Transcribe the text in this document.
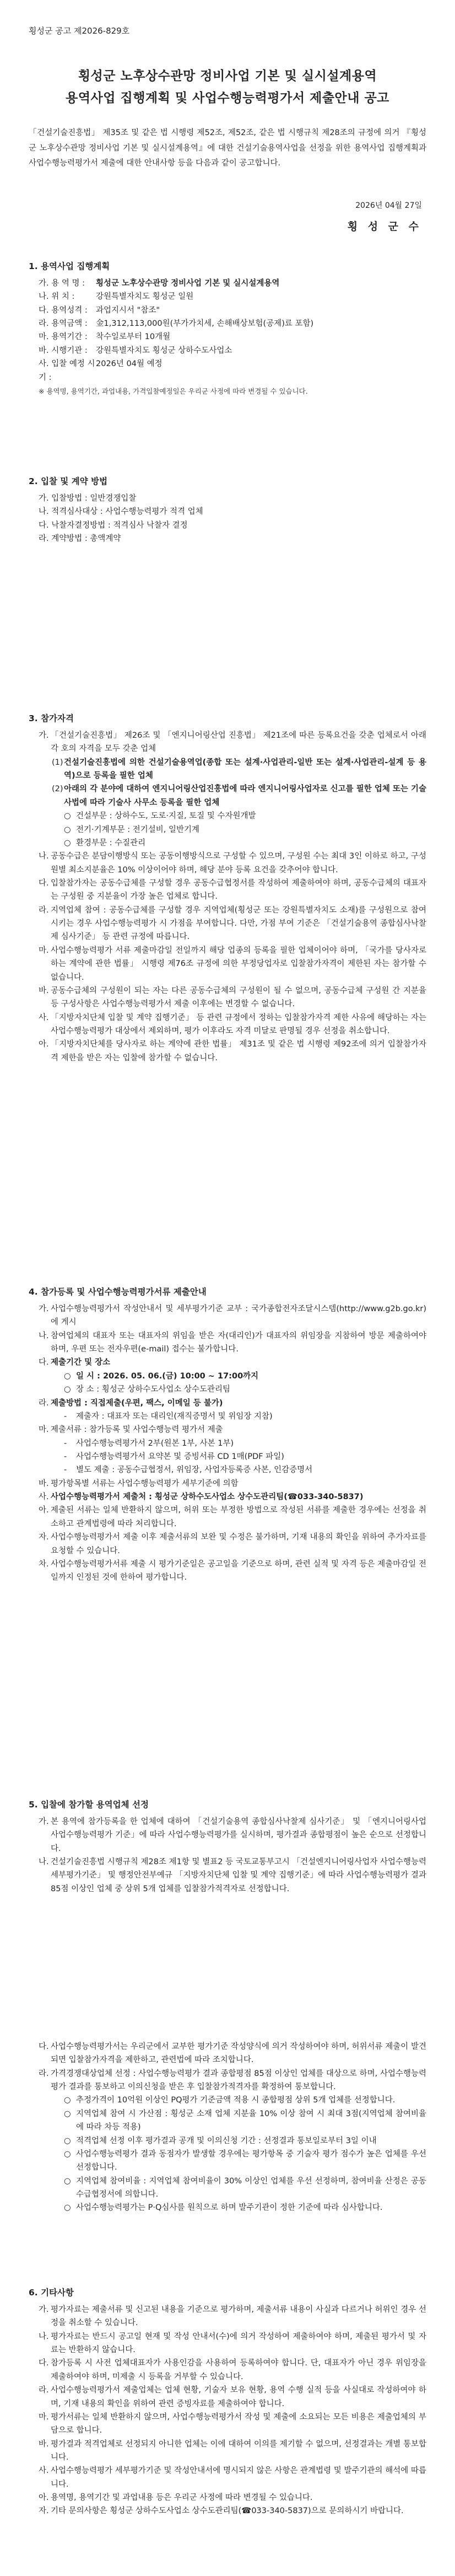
횡성군 공고 제2026-829호
횡성군 노후상수관망 정비사업 기본 및 실시설계용역
용역사업 집행계획 및 사업수행능력평가서 제출안내 공고
「건설기술진흥법」 제35조 및 같은 법 시행령 제52조, 제52조, 같은 법 시행규칙 제28조의 규정에 의거 『횡성군 노후상수관망 정비사업 기본 및 실시설계용역』에 대한 건설기술용역사업을 선정을 위한 용역사업 집행계획과 사업수행능력평가서 제출에 대한 안내사항 등을 다음과 같이 공고합니다.
2026년 04월 27일
횡 성 군 수
1. 용역사업 집행계획
가. 용 역 명 :	횡성군 노후상수관망 정비사업 기본 및 실시설계용역
나. 위 치 :	강원특별자치도 횡성군 일원
다. 용역성격 :	과업지시서 "참조"
라. 용역금액 :	金1,312,113,000원(부가가치세, 손해배상보험(공제)료 포함)
마. 용역기간 :	착수일로부터 10개월
바. 시행기관 :	강원특별자치도 횡성군 상하수도사업소
사. 입찰 예정 시기 :
2026년 04월 예정
※ 용역명, 용역기간, 과업내용, 가격입찰예정일은 우리군 사정에 따라 변경될 수 있습니다.
2. 입찰 및 계약 방법
가. 입찰방법 : 일반경쟁입찰
나. 적격심사대상 : 사업수행능력평가 적격 업체
다. 낙찰자결정방법 : 적격심사 낙찰자 결정
라. 계약방법 : 총액계약
3. 참가자격
가. 「건설기술진흥법」 제26조 및 「엔지니어링산업 진흥법」 제21조에 따른 등록요건을 갖춘 업체로서 아래 각 호의 자격을 모두 갖춘 업체
(1) 건설기술진흥법에 의한 건설기술용역업(종합 또는 설계·사업관리-일반 또는 설계·사업관리-설계 등 용역)으로 등록을 필한 업체
(2) 아래의 각 분야에 대하여 엔지니어링산업진흥법에 따라 엔지니어링사업자로 신고를 필한 업체 또는 기술사법에 따라 기술사 사무소 등록을 필한 업체
○ 건설부문 : 상하수도, 도로·지질, 토질 및 수자원개발
○ 전기·기계부문 : 전기설비, 일반기계
○ 환경부문 : 수질관리
나. 공동수급은 분담이행방식 또는 공동이행방식으로 구성할 수 있으며, 구성원 수는 최대 3인 이하로 하고, 구성원별 최소지분율은 10% 이상이어야 하며, 해당 분야 등록 요건을 갖추어야 합니다.
다. 입찰참가자는 공동수급체를 구성할 경우 공동수급협정서를 작성하여 제출하여야 하며, 공동수급체의 대표자는 구성원 중 지분율이 가장 높은 업체로 합니다.
라. 지역업체 참여 : 공동수급체를 구성할 경우 지역업체(횡성군 또는 강원특별자치도 소재)를 구성원으로 참여시키는 경우 사업수행능력평가 시 가점을 부여합니다. 다만, 가점 부여 기준은 「건설기술용역 종합심사낙찰제 심사기준」 등 관련 규정에 따릅니다.
마. 사업수행능력평가 서류 제출마감일 전일까지 해당 업종의 등록을 필한 업체이어야 하며, 「국가를 당사자로 하는 계약에 관한 법률」 시행령 제76조 규정에 의한 부정당업자로 입찰참가자격이 제한된 자는 참가할 수 없습니다.
바. 공동수급체의 구성원이 되는 자는 다른 공동수급체의 구성원이 될 수 없으며, 공동수급체 구성원 간 지분율 등 구성사항은 사업수행능력평가서 제출 이후에는 변경할 수 없습니다.
사. 「지방자치단체 입찰 및 계약 집행기준」 등 관련 규정에서 정하는 입찰참가자격 제한 사유에 해당하는 자는 사업수행능력평가 대상에서 제외하며, 평가 이후라도 자격 미달로 판명될 경우 선정을 취소합니다.
아. 「지방자치단체를 당사자로 하는 계약에 관한 법률」 제31조 및 같은 법 시행령 제92조에 의거 입찰참가자격 제한을 받은 자는 입찰에 참가할 수 없습니다.
4. 참가등록 및 사업수행능력평가서류 제출안내
가. 사업수행능력평가서 작성안내서 및 세부평가기준 교부 : 국가종합전자조달시스템(http://www.g2b.go.kr)에 게시
나. 참여업체의 대표자 또는 대표자의 위임을 받은 자(대리인)가 대표자의 위임장을 지참하여 방문 제출하여야 하며, 우편 또는 전자우편(e-mail) 접수는 불가합니다.
다. 제출기간 및 장소
○ 일 시 : 2026. 05. 06.(금) 10:00 ~ 17:00까지
○ 장 소 : 횡성군 상하수도사업소 상수도관리팀
라. 제출방법 : 직접제출(우편, 팩스, 이메일 등 불가)
-	제출자 : 대표자 또는 대리인(재직증명서 및 위임장 지참)
마. 제출서류 : 참가등록 및 사업수행능력 평가서 제출
-	사업수행능력평가서 2부(원본 1부, 사본 1부)
-	사업수행능력평가서 요약본 및 증빙서류 CD 1매(PDF 파일)
-	별도 제출 : 공동수급협정서, 위임장, 사업자등록증 사본, 인감증명서
바. 평가항목별 서류는 사업수행능력평가 세부기준에 의함
사. 사업수행능력평가서 제출처 : 횡성군 상하수도사업소 상수도관리팀(☎033-340-5837)
아. 제출된 서류는 일체 반환하지 않으며, 허위 또는 부정한 방법으로 작성된 서류를 제출한 경우에는 선정을 취소하고 관계법령에 따라 처리합니다.
자. 사업수행능력평가서 제출 이후 제출서류의 보완 및 수정은 불가하며, 기재 내용의 확인을 위하여 추가자료를 요청할 수 있습니다.
차. 사업수행능력평가서류 제출 시 평가기준일은 공고일을 기준으로 하며, 관련 실적 및 자격 등은 제출마감일 전일까지 인정된 것에 한하여 평가합니다.
5. 입찰에 참가할 용역업체 선정
가. 본 용역에 참가등록을 한 업체에 대하여 「건설기술용역 종합심사낙찰제 심사기준」 및 「엔지니어링사업 사업수행능력평가 기준」에 따라 사업수행능력평가를 실시하며, 평가결과 종합평점이 높은 순으로 선정합니다.
나. 건설기술진흥법 시행규칙 제28조 제1항 및 별표2 등 국토교통부고시 「건설엔지니어링사업자 사업수행능력 세부평가기준」 및 행정안전부예규 「지방자치단체 입찰 및 계약 집행기준」에 따라 사업수행능력평가 결과 85점 이상인 업체 중 상위 5개 업체를 입찰참가적격자로 선정합니다.
다. 사업수행능력평가서는 우리군에서 교부한 평가기준 작성양식에 의거 작성하여야 하며, 허위서류 제출이 발견되면 입찰참가자격을 제한하고, 관련법에 따라 조치합니다.
라. 가격경쟁대상업체 선정 : 사업수행능력평가 결과 종합평점 85점 이상인 업체를 대상으로 하며, 사업수행능력평가 결과를 통보하고 이의신청을 받은 후 입찰참가적격자를 확정하여 통보합니다.
○ 추정가격이 10억원 이상인 PQ평가 기준금액 적용 시 종합평점 상위 5개 업체를 선정합니다.
○ 지역업체 참여 시 가산점 : 횡성군 소재 업체 지분율 10% 이상 참여 시 최대 3점(지역업체 참여비율에 따라 차등 적용)
○ 적격업체 선정 이후 평가결과 공개 및 이의신청 기간 : 선정결과 통보일로부터 3일 이내
○ 사업수행능력평가 결과 동점자가 발생할 경우에는 평가항목 중 기술자 평가 점수가 높은 업체를 우선 선정합니다.
○ 지역업체 참여비율 : 지역업체 참여비율이 30% 이상인 업체를 우선 선정하며, 참여비율 산정은 공동수급협정서에 의합니다.
○ 사업수행능력평가는 P·Q심사를 원칙으로 하며 발주기관이 정한 기준에 따라 심사합니다.
6. 기타사항
가. 평가자료는 제출서류 및 신고된 내용을 기준으로 평가하며, 제출서류 내용이 사실과 다르거나 허위인 경우 선정을 취소할 수 있습니다.
나. 평가자료는 반드시 공고일 현재 및 작성 안내서(수)에 의거 작성하여 제출하여야 하며, 제출된 평가서 및 자료는 반환하지 않습니다.
다. 참가등록 시 사전 업체대표자가 사용인감을 사용하여 등록하여야 합니다. 단, 대표자가 아닌 경우 위임장을 제출하여야 하며, 미제출 시 등록을 거부할 수 있습니다.
라. 사업수행능력평가서 제출업체는 업체 현황, 기술자 보유 현황, 용역 수행 실적 등을 사실대로 작성하여야 하며, 기재 내용의 확인을 위하여 관련 증빙자료를 제출하여야 합니다.
마. 평가서류는 일체 반환하지 않으며, 사업수행능력평가서 작성 및 제출에 소요되는 모든 비용은 제출업체의 부담으로 합니다.
바. 평가결과 적격업체로 선정되지 아니한 업체는 이에 대하여 이의를 제기할 수 없으며, 선정결과는 개별 통보합니다.
사. 사업수행능력평가 세부평가기준 및 작성안내서에 명시되지 않은 사항은 관계법령 및 발주기관의 해석에 따릅니다.
아. 용역명, 용역기간 및 과업내용 등은 우리군 사정에 따라 변경될 수 있습니다.
자. 기타 문의사항은 횡성군 상하수도사업소 상수도관리팀(☎033-340-5837)으로 문의하시기 바랍니다.
